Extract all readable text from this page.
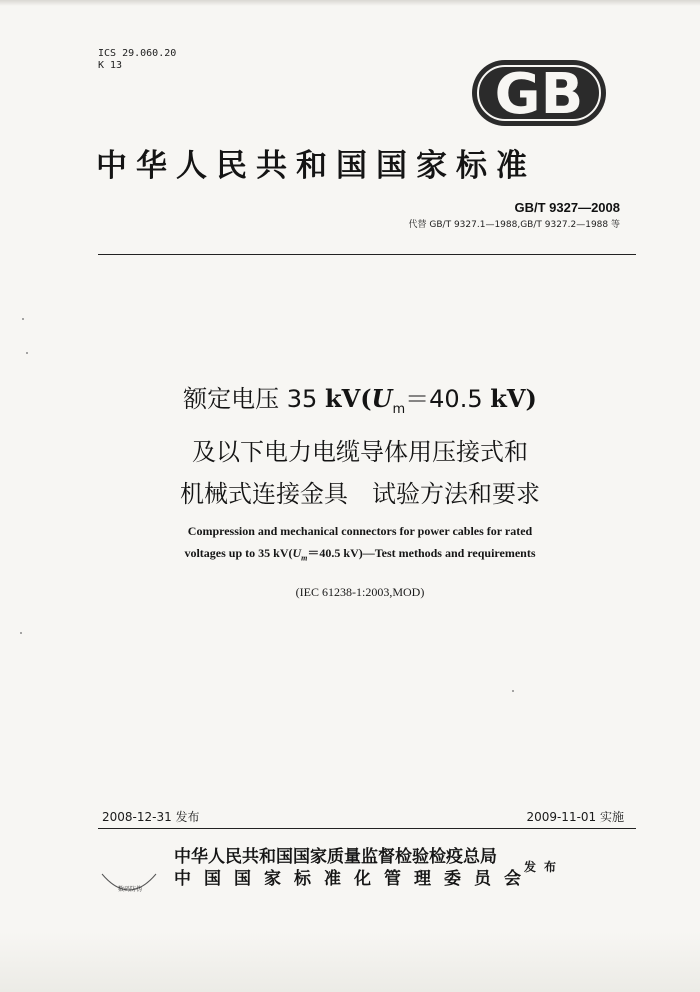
ICS 29.060.20
K 13	GB
中华人民共和国国家标准
GB/T 9327—2008
代替 GB/T 9327.1—1988,GB/T 9327.2—1988 等
额定电压 35 $kV(U_m=40.5$ kV)
及以下电力电缆导体用压接式和
机械式连接金具　试验方法和要求
Compression and mechanical connectors for power cables for rated
voltages up to 35 $kV(U_m=40.5$ kV)—Test methods and requirements
(IEC 61238-1:2003,MOD)
2008-12-31 发布	2009-11-01 实施
中华人民共和国国家质量监督检验检疫总局
中国国家标准化管理委员会
发布
数码防伪
